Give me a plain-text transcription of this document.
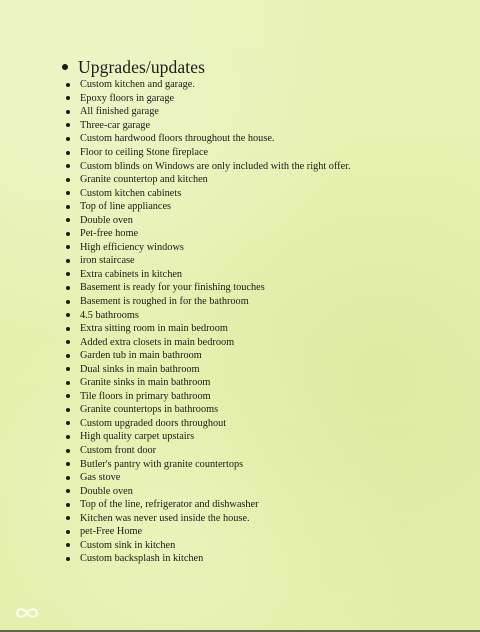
Upgrades/updates
Custom kitchen and garage.
Epoxy floors in garage
All finished garage
Three-car garage
Custom hardwood floors throughout the house.
Floor to ceiling Stone fireplace
Custom blinds on Windows are only included with the right offer.
Granite countertop and kitchen
Custom kitchen cabinets
Top of line appliances
Double oven
Pet-free home
High efficiency windows
iron staircase
Extra cabinets in kitchen
Basement is ready for your finishing touches
Basement is roughed in for the bathroom
4.5 bathrooms
Extra sitting room in main bedroom
Added extra closets in main bedroom
Garden tub in main bathroom
Dual sinks in main bathroom
Granite sinks in main bathroom
Tile floors in primary bathroom
Granite countertops in bathrooms
Custom upgraded doors throughout
High quality carpet upstairs
Custom front door
Butler's pantry with granite countertops
Gas stove
Double oven
Top of the line, refrigerator and dishwasher
Kitchen was never used inside the house.
pet-Free Home
Custom sink in kitchen
Custom backsplash in kitchen
